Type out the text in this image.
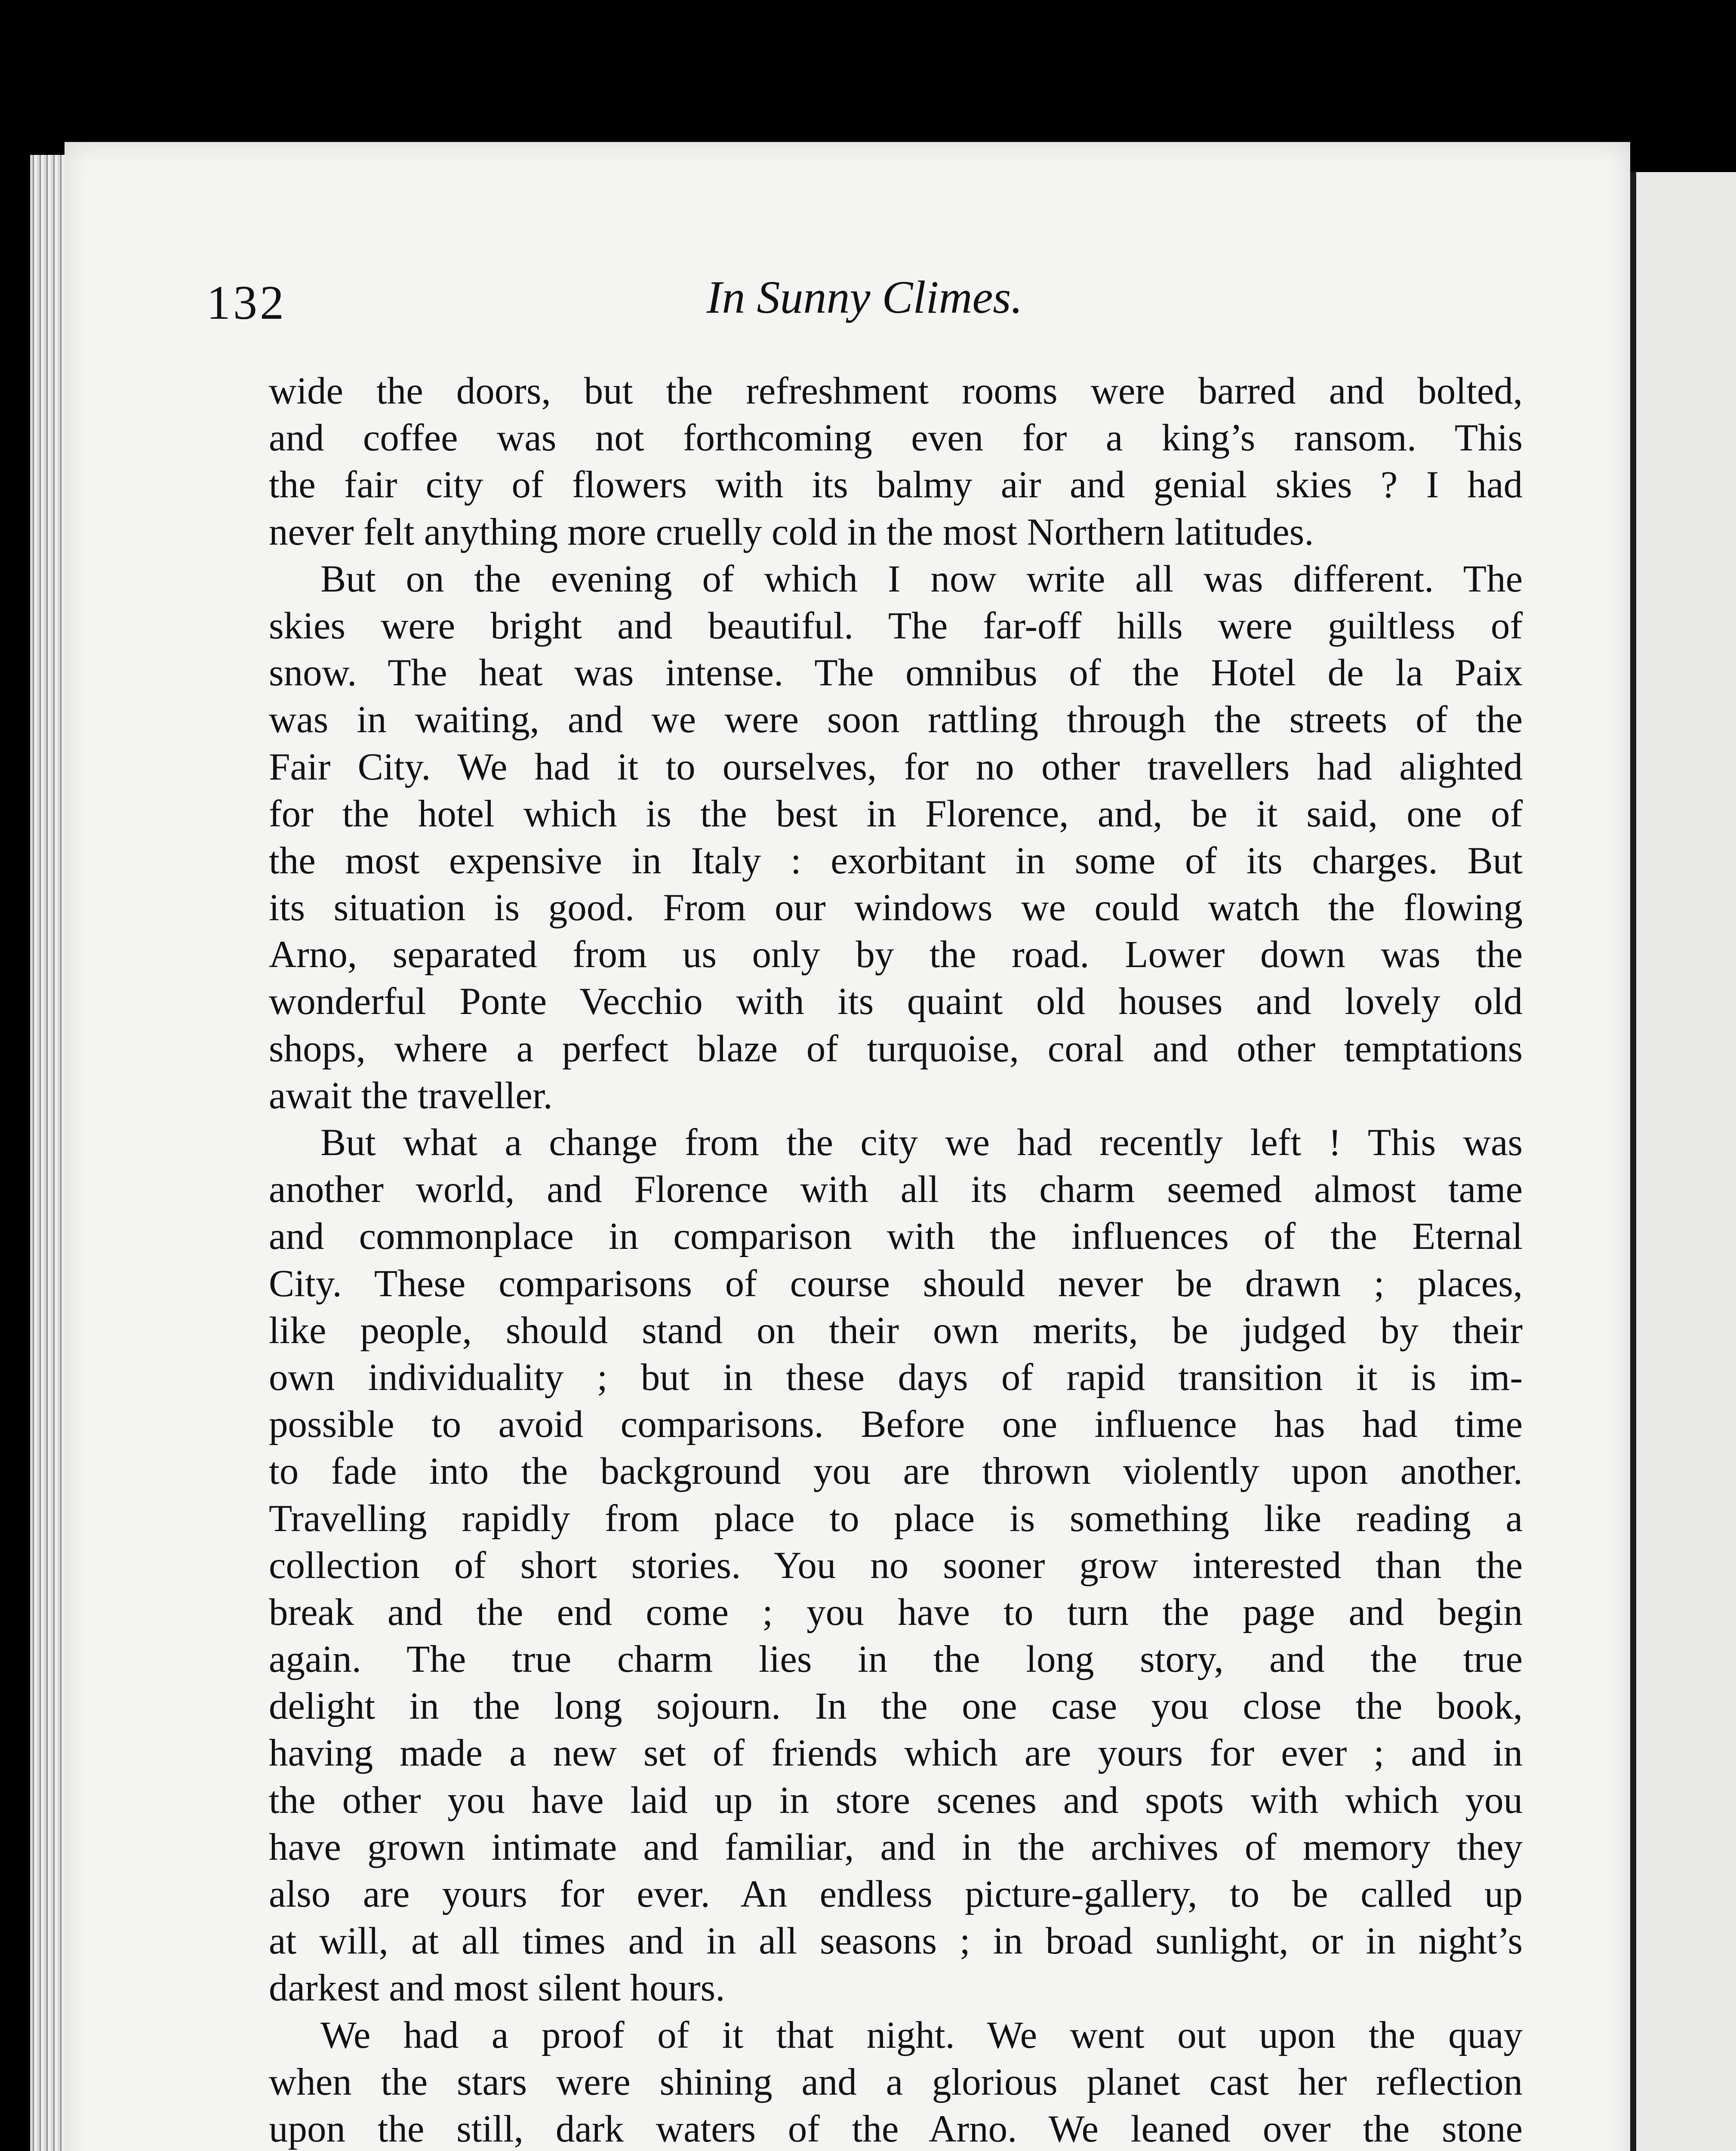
132	In Sunny Climes.
wide the doors, but the refreshment rooms were barred and bolted,
and coffee was not forthcoming even for a king’s ransom. This
the fair city of flowers with its balmy air and genial skies ? I had
never felt anything more cruelly cold in the most Northern latitudes.
But on the evening of which I now write all was different. The
skies were bright and beautiful. The far-off hills were guiltless of
snow. The heat was intense. The omnibus of the Hotel de la Paix
was in waiting, and we were soon rattling through the streets of the
Fair City. We had it to ourselves, for no other travellers had alighted
for the hotel which is the best in Florence, and, be it said, one of
the most expensive in Italy : exorbitant in some of its charges. But
its situation is good. From our windows we could watch the flowing
Arno, separated from us only by the road. Lower down was the
wonderful Ponte Vecchio with its quaint old houses and lovely old
shops, where a perfect blaze of turquoise, coral and other temptations
await the traveller.
But what a change from the city we had recently left ! This was
another world, and Florence with all its charm seemed almost tame
and commonplace in comparison with the influences of the Eternal
City. These comparisons of course should never be drawn ; places,
like people, should stand on their own merits, be judged by their
own individuality ; but in these days of rapid transition it is im-
possible to avoid comparisons. Before one influence has had time
to fade into the background you are thrown violently upon another.
Travelling rapidly from place to place is something like reading a
collection of short stories. You no sooner grow interested than the
break and the end come ; you have to turn the page and begin
again. The true charm lies in the long story, and the true
delight in the long sojourn. In the one case you close the book,
having made a new set of friends which are yours for ever ; and in
the other you have laid up in store scenes and spots with which you
have grown intimate and familiar, and in the archives of memory they
also are yours for ever. An endless picture-gallery, to be called up
at will, at all times and in all seasons ; in broad sunlight, or in night’s
darkest and most silent hours.
We had a proof of it that night. We went out upon the quay
when the stars were shining and a glorious planet cast her reflection
upon the still, dark waters of the Arno. We leaned over the stone
